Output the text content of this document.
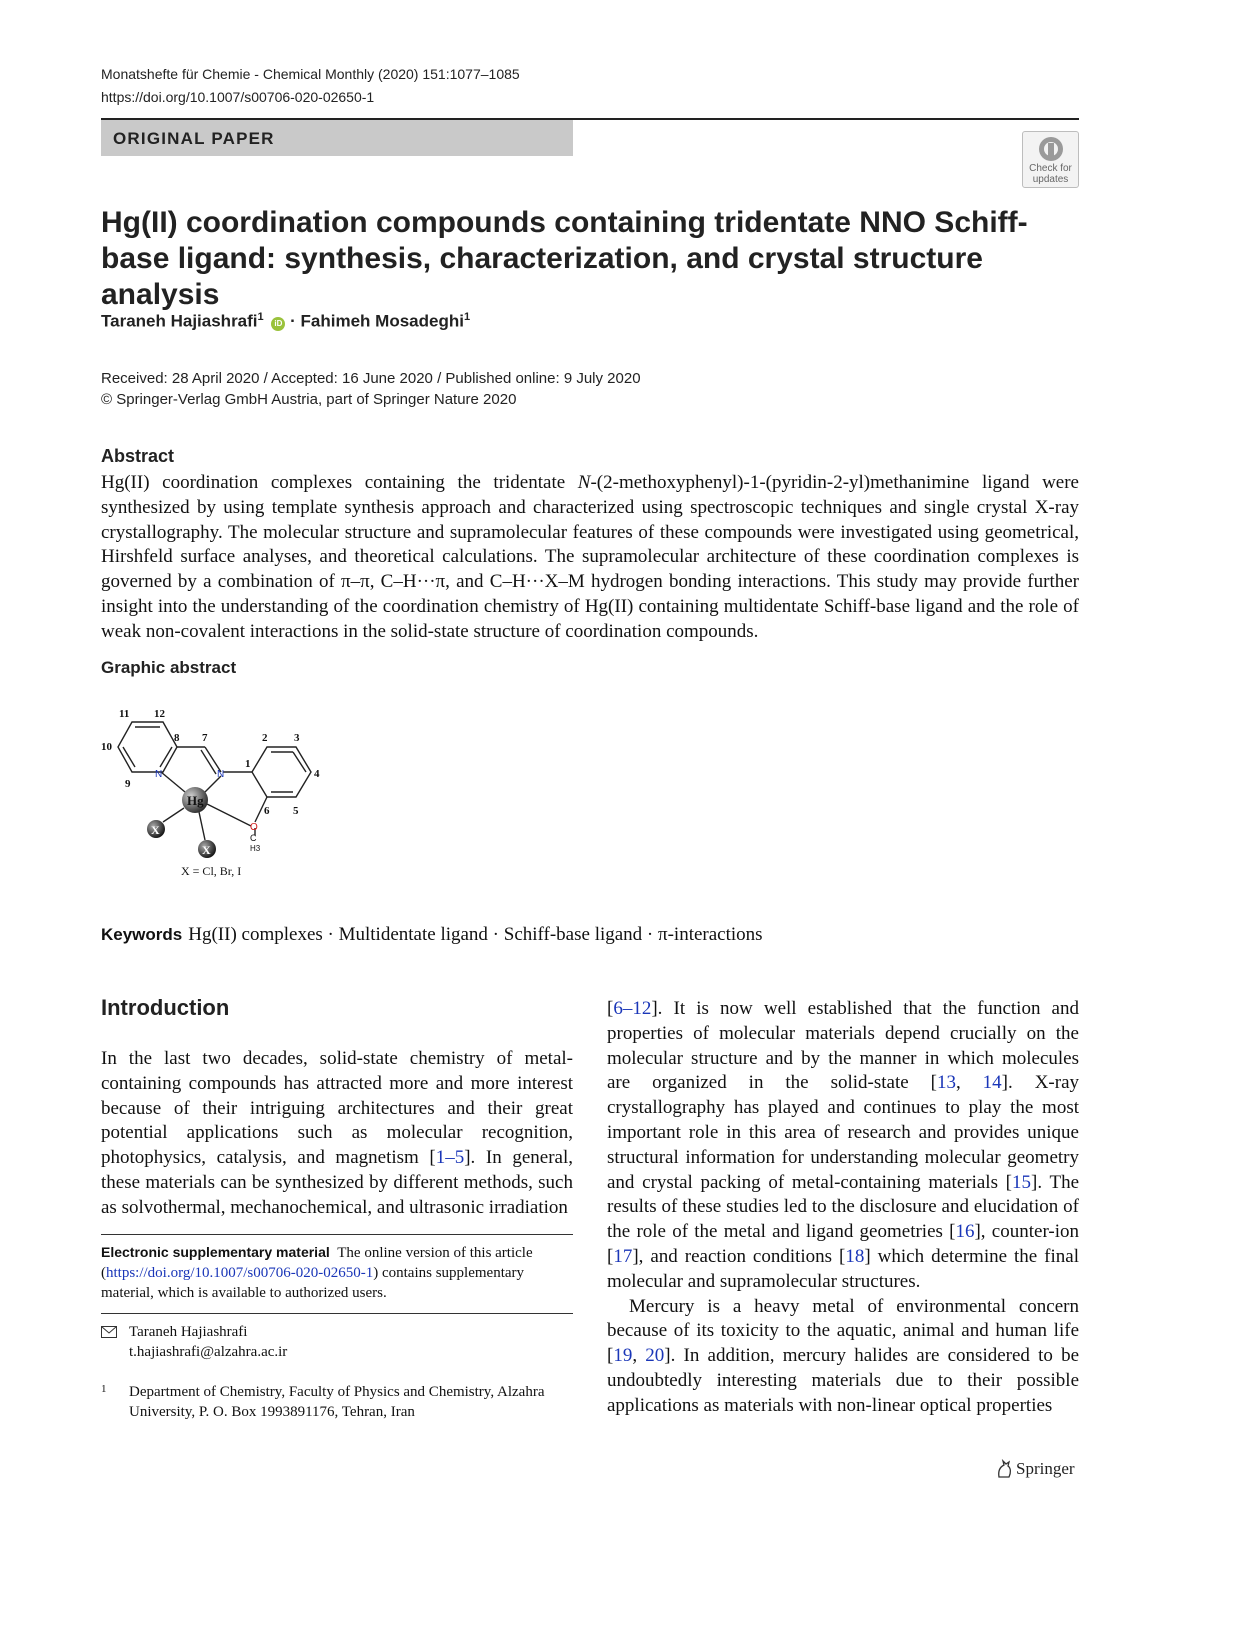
Monatshefte für Chemie - Chemical Monthly (2020) 151:1077–1085
https://doi.org/10.1007/s00706-020-02650-1
ORIGINAL PAPER
Check for
updates
Hg(II) coordination compounds containing tridentate NNO Schiff-base ligand: synthesis, characterization, and crystal structure analysis
Taraneh Hajiashrafi$^1$ iD · Fahimeh Mosadeghi$^1$
Received: 28 April 2020 / Accepted: 16 June 2020 / Published online: 9 July 2020
© Springer-Verlag GmbH Austria, part of Springer Nature 2020
Abstract

Hg(II) coordination complexes containing the tridentate N-(2-methoxyphenyl)-1-(pyridin-2-yl)methanimine ligand were synthesized by using template synthesis approach and characterized using spectroscopic techniques and single crystal X-ray crystallography. The molecular structure and supramolecular features of these compounds were investigated using geometrical, Hirshfeld surface analyses, and theoretical calculations. The supramolecular architecture of these coordination complexes is governed by a combination of π–π, C–H···π, and C–H···X–M hydrogen bonding interactions. This study may provide further insight into the understanding of the coordination chemistry of Hg(II) containing multidentate Schiff-base ligand and the role of weak non-covalent interactions in the solid-state structure of coordination compounds.

Graphic abstract
Hg
X
X
N	N
O
C
H3
11 12
10
9
8 7
1
2 3
4
5
6
X = Cl, Br, I
Keywords Hg(II) complexes · Multidentate ligand · Schiff-base ligand · π-interactions
Introduction

In the last two decades, solid-state chemistry of metal-containing compounds has attracted more and more interest because of their intriguing architectures and their great potential applications such as molecular recognition, photophysics, catalysis, and magnetism [1–5]. In general, these materials can be synthesized by different methods, such as solvothermal, mechanochemical, and ultrasonic irradiation

[6–12]. It is now well established that the function and properties of molecular materials depend crucially on the molecular structure and by the manner in which molecules are organized in the solid-state [13, 14]. X-ray crystallography has played and continues to play the most important role in this area of research and provides unique structural information for understanding molecular geometry and crystal packing of metal-containing materials [15]. The results of these studies led to the disclosure and elucidation of the role of the metal and ligand geometries [16], counter-ion [17], and reaction conditions [18] which determine the final molecular and supramolecular structures.

Mercury is a heavy metal of environmental concern because of its toxicity to the aquatic, animal and human life [19, 20]. In addition, mercury halides are considered to be undoubtedly interesting materials due to their possible applications as materials with non-linear optical properties

Electronic supplementary material The online version of this article (https://doi.org/10.1007/s00706-020-02650-1) contains supplementary material, which is available to authorized users.

Taraneh Hajiashrafi
t.hajiashrafi@alzahra.ac.ir
1 Department of Chemistry, Faculty of Physics and Chemistry, Alzahra University, P. O. Box 1993891176, Tehran, Iran
Springer
